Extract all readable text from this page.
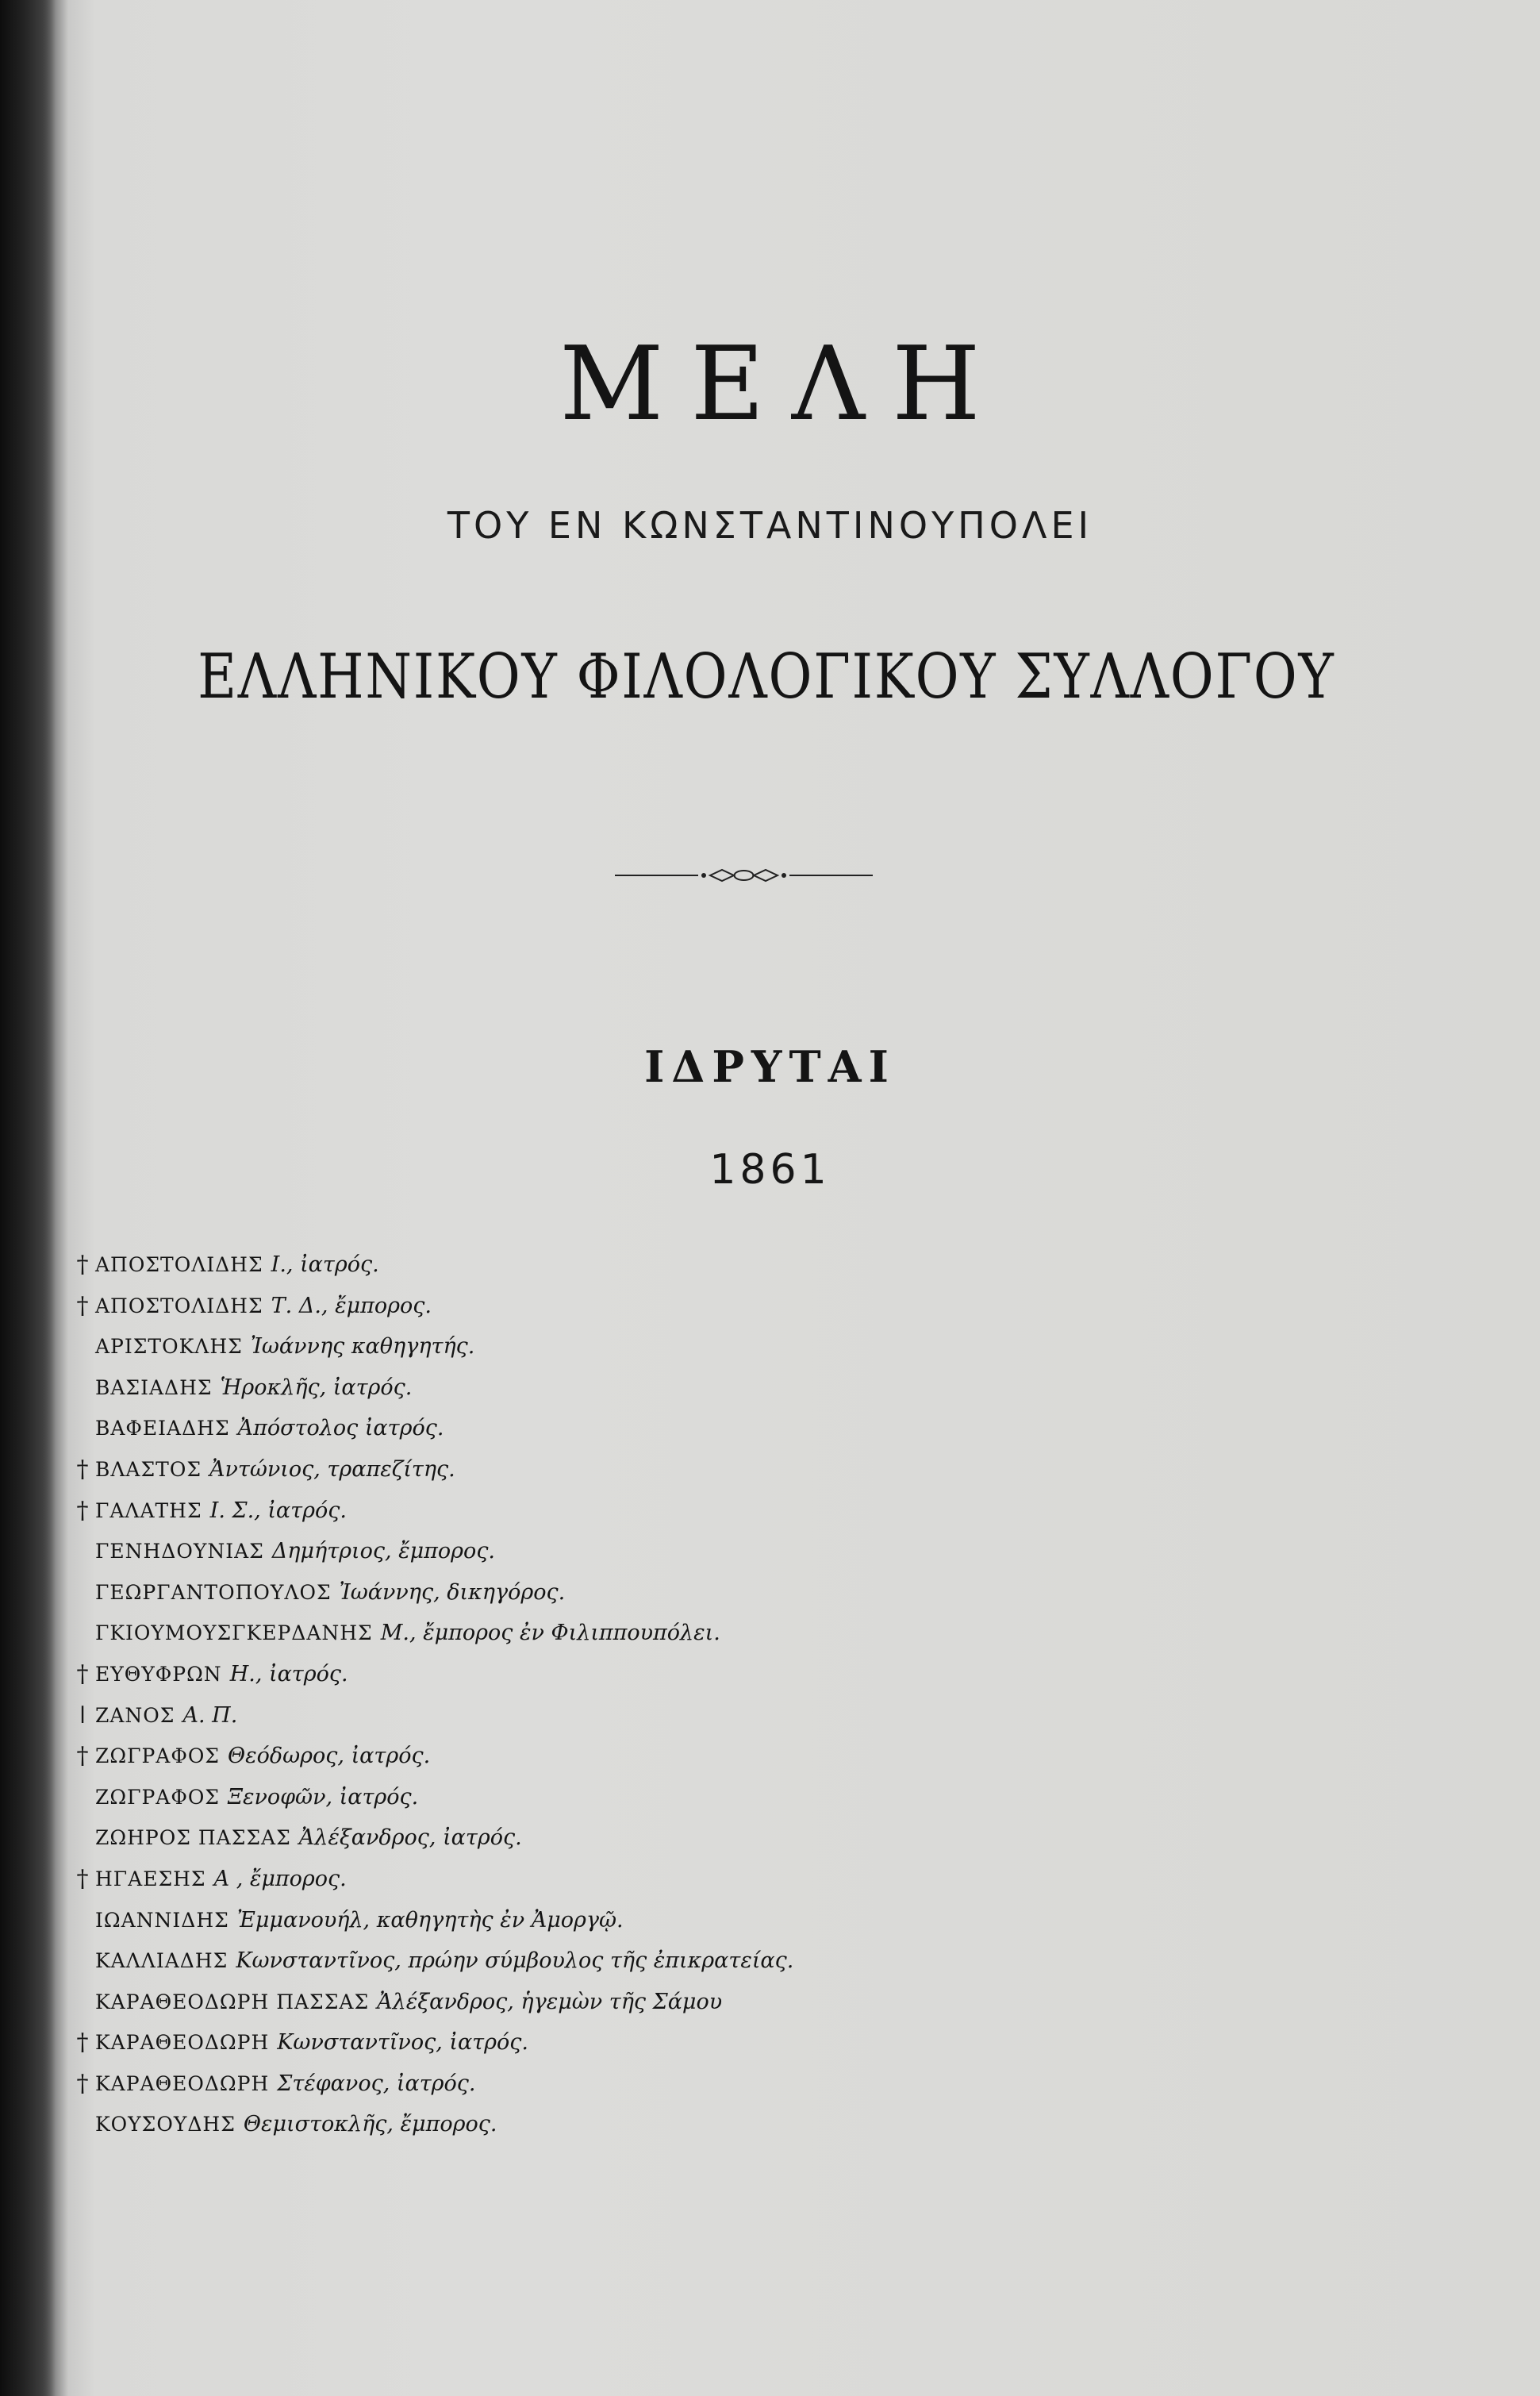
ΜΕΛΗ
ΤΟΥ ΕΝ ΚΩΝΣΤΑΝΤΙΝΟΥΠΟΛΕΙ
ΕΛΛΗΝΙΚΟΥ ΦΙΛΟΛΟΓΙΚΟΥ ΣΥΛΛΟΓΟΥ
ΙΔΡΥΤΑΙ
1861
† ΑΠΟΣΤΟΛΙΔΗΣ Ι., ἰατρός.
† ΑΠΟΣΤΟΛΙΔΗΣ Τ. Δ., ἔμπορος.
ΑΡΙΣΤΟΚΛΗΣ Ἰωάννης καθηγητής.
ΒΑΣΙΑΔΗΣ Ἡροκλῆς, ἰατρός.
ΒΑΦΕΙΑΔΗΣ Ἀπόστολος ἰατρός.
† ΒΛΑΣΤΟΣ Ἀντώνιος, τραπεζίτης.
† ΓΑΛΑΤΗΣ Ι. Σ., ἰατρός.
ΓΕΝΗΔΟΥΝΙΑΣ Δημήτριος, ἔμπορος.
ΓΕΩΡΓΑΝΤΟΠΟΥΛΟΣ Ἰωάννης, δικηγόρος.
ΓΚΙΟΥΜΟΥΣΓΚΕΡΔΑΝΗΣ Μ., ἔμπορος ἐν Φιλιππουπόλει.
† ΕΥΘΥΦΡΩΝ Η., ἰατρός.
ǀ ΖΑΝΟΣ Α. Π.
† ΖΩΓΡΑΦΟΣ Θεόδωρος, ἰατρός.
ΖΩΓΡΑΦΟΣ Ξενοφῶν, ἰατρός.
ΖΩΗΡΟΣ ΠΑΣΣΑΣ Ἀλέξανδρος, ἰατρός.
† ΗΓΑΕΣΗΣ Α , ἔμπορος.
ΙΩΑΝΝΙΔΗΣ Ἐμμανουήλ, καθηγητὴς ἐν Ἀμοργῷ.
ΚΑΛΛΙΑΔΗΣ Κωνσταντῖνος, πρώην σύμβουλος τῆς ἐπικρατείας.
ΚΑΡΑΘΕΟΔΩΡΗ ΠΑΣΣΑΣ Ἀλέξανδρος, ἡγεμὼν τῆς Σάμου
† ΚΑΡΑΘΕΟΔΩΡΗ Κωνσταντῖνος, ἰατρός.
† ΚΑΡΑΘΕΟΔΩΡΗ Στέφανος, ἰατρός.
ΚΟΥΣΟΥΔΗΣ Θεμιστοκλῆς, ἔμπορος.
